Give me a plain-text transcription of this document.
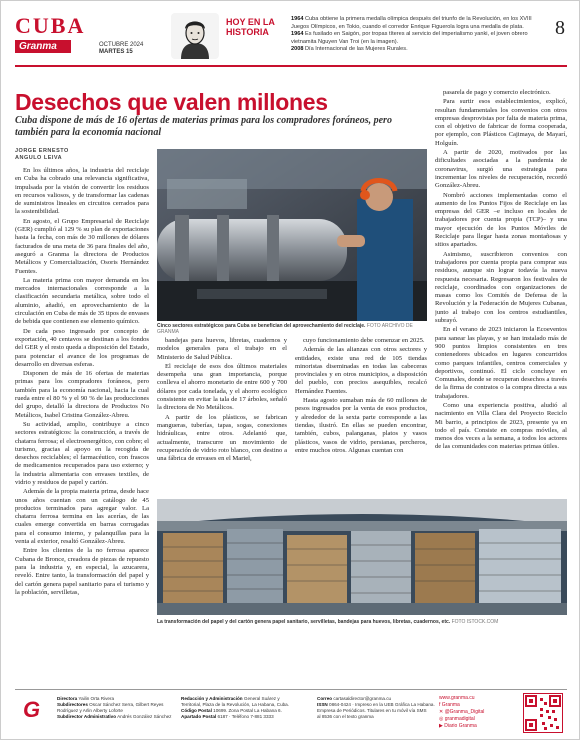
CUBA
Granma	OCTUBRE 2024
MARTES 15
HOY EN LA
HISTORIA
1964 Cuba obtiene la primera medalla olímpica después del triunfo de la Revolución, en los XVIII Juegos Olímpicos, en Tokio, cuando el corredor Enrique Figuerola logra una medalla de plata.
1964 Es fusilado en Saigón, por tropas títeres al servicio del imperialismo yanki, el joven obrero vietnamita Nguyen Van Troi (en la imagen).
2008 Día Internacional de las Mujeres Rurales.
8
Desechos que valen millones
Cuba dispone de más de 16 ofertas de materias primas para los compradores foráneos, pero también para la economía nacional
JORGE ERNESTO
ANGULO LEIVA

En los últimos años, la industria del reciclaje en Cuba ha cobrado una relevancia significativa, impulsada por la visión de convertir los residuos en recursos valiosos, y de transformar las cadenas de suministros lineales en circuitos cerrados para la sostenibilidad.

En agosto, el Grupo Empresarial de Reciclaje (GER) cumplió al 129 % su plan de exportaciones hasta la fecha, con más de 30 millones de dólares facturados de una meta de 36 para finales del año, aseguró a Granma la directora de Productos Metálicos y Comercialización, Osoris Hernández Fuentes.

La materia prima con mayor demanda en los mercados internacionales corresponde a la clasificación secundaria metálica, sobre todo el aluminio, añadió, en aprovechamiento de la circulación en Cuba de más de 35 tipos de envases de bebida que contienen ese elemento químico.

De cada peso ingresado por concepto de exportación, 40 centavos se destinan a los fondos del GER y el resto queda a disposición del Estado, para potenciar el avance de los programas de desarrollo en diversas esferas.

Disponen de más de 16 ofertas de materias primas para los compradores foráneos, pero también para la economía nacional, hacia la cual rueda entre el 80 % y el 90 % de las producciones del grupo, detalló la directora de Productos No Metálicos, Isabel Cristina González-Abreu.

Su actividad, amplio, contribuye a cinco sectores estratégicos: la construcción, a través de chatarra ferrosa; el electroenergético, con cobre; el turismo, gracias al apoyo en la recogida de desechos reciclables; el farmacéutico, con frascos de medicamentos recuperados para uso externo; y la industria alimentaria con envases textiles, de vidrio y residuos de papel y cartón.

Además de la propia materia prima, desde hace unos años cuentan con un catálogo de 45 productos terminados para agregar valor. La chatarra ferrosa termina en las acerías, de las cuales emerge convertida en barras corrugadas para el consumo interno, y palanquillas para la venta al exterior, resaltó González-Abreu.

Entre los clientes de la no ferrosa aparece Cubana de Bronce, creadora de piezas de repuesto para la industria y, en especial, la azucarera, reveló. Entre tanto, la transformación del papel y del cartón genera papel sanitario para el turismo y la población, servilletas,

Cinco sectores estratégicos para Cuba se benefician del aprovechamiento del reciclaje. FOTO ARCHIVO DE GRANMA

bandejas para huevos, libretas, cuadernos y modelos generales para el trabajo en el Ministerio de Salud Pública.

El reciclaje de esos dos últimos materiales desempeña una gran importancia, porque conlleva el ahorro monetario de entre 600 y 700 dólares por cada tonelada, y el ahorro ecológico consistente en evitar la tala de 17 árboles, señaló la directora de No Metálicos.

A partir de los plásticos, se fabrican mangueras, tuberías, tapas, sogas, conexiones hidráulicas, entre otros. Adelantó que, actualmente, transcurre un movimiento de recuperación de vidrio roto blanco, con destino a una fábrica de envases en el Mariel,

cuyo funcionamiento debe comenzar en 2025.

Además de las alianzas con otros sectores y entidades, existe una red de 105 tiendas minoristas diseminadas en todas las cabeceras provinciales y en otros municipios, a disposición del pueblo, con precios asequibles, recalcó Hernández Fuentes.

Hasta agosto sumaban más de 60 millones de pesos ingresados por la venta de esos productos, y alrededor de la sexta parte corresponde a las tiendas, ilustró. En ellas se pueden encontrar, también, cubos, palanganas, platos y vasos plásticos, vasos de vidrio, persianas, percheros, entre muchos otros. Algunas cuentan con

pasarela de pago y comercio electrónico.

Para surtir esos establecimientos, explicó, resultan fundamentales los convenios con otros empresas desprovistas por falta de materia prima, con el objetivo de fabricar de forma cooperada, por ejemplo, con Plásticos Cajimaya, de Mayarí, Holguín.

A partir de 2020, motivados por las dificultades asociadas a la pandemia de coronavirus, surgió una estrategia para incrementar los niveles de recuperación, recordó González-Abreu.

Nombró acciones implementadas como el aumento de los Puntos Fijos de Reciclaje en las empresas del GER –e incluso en locales de trabajadores por cuenta propia (TCP)– y una mayor ejecución de los Puntos Móviles de Reciclaje para llegar hasta zonas montañosas y sitios apartados.

Asimismo, suscribieron convenios con trabajadores por cuenta propia para comprar sus residuos, aunque sin lograr todavía la nueva respuesta necesaria. Regresaron los festivales de reciclaje, coordinados con organizaciones de masas como los Comités de Defensa de la Revolución y la Federación de Mujeres Cubanas, junto al trabajo con los centros estudiantiles, subrayó.

En el verano de 2023 iniciaron la Ecoeventos para sanear las playas, y se han instalado más de 900 puntos limpios consistentes en tres contenedores ubicados en lugares concurridos como parques infantiles, centros comerciales y deportivos, continuó. El ciclo concluye en Comunales, donde se recuperan desechos a través de la firma de contratos o la compra directa a sus trabajadores.

Como una experiencia positiva, aludió al nacimiento en Villa Clara del Proyecto Reciclo Mi barrio, a principios de 2023, presente ya en todo el país. Consiste en compras móviles, al menos dos veces a la semana, a todos los actores de las comunidades con materias primas útiles.

La transformación del papel y del cartón genera papel sanitario, servilletas, bandejas para huevos, libretas, cuadernos, etc. FOTO ISTOCK.COM
G	Directora Yailin Orta Rivera
Subdirectores Oscar Sánchez Serra, Gilbert Reyes
Rodríguez y Arlin Alberty Loforte
Subdirector Administrativo Andrés González Sánchez
Redacción y Administración General Suárez y
Territorial, Plaza de la Revolución, La Habana, Cuba.
Código Postal 10699. Zona Postal La Habana 6.
Apartado Postal 6187 · Teléfono 7-881 3333
Correo cartasaldirector@granma.cu
ISSN 0864-0424 · Impreso en la UEB Gráfica La Habana.
Empresa de Periódicos. Titulares en tu móvil vía SMS
al 8536 con el texto granma
www.granma.cu
f Granma
✕ @Granma_Digital
◎ granmadigital
▶ Diario Granma
